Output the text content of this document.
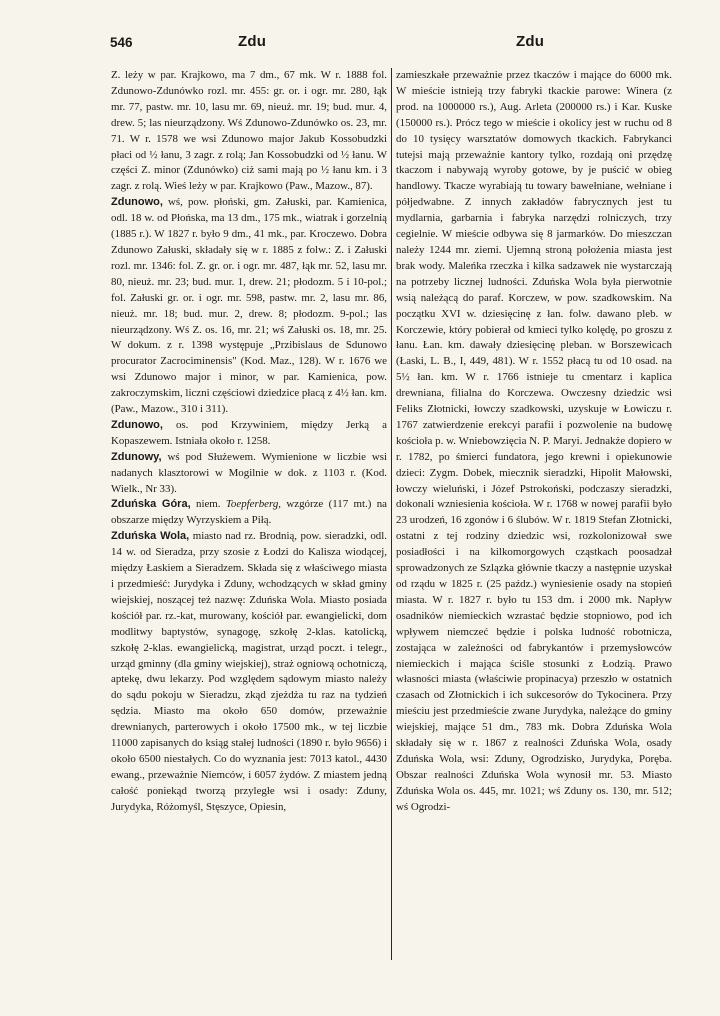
546	Zdu	Zdu

Z. leży w par. Krajkowo, ma 7 dm., 67 mk. W r. 1888 fol. Zdunowo-Zdunówko rozl. mr. 455: gr. or. i ogr. mr. 280, łąk mr. 77, pastw. mr. 10, lasu mr. 69, nieuż. mr. 19; bud. mur. 4, drew. 5; las nieurządzony. Wś Zdunowo-Zdunówko os. 23, mr. 71. W r. 1578 we wsi Zdunowo major Jakub Kossobudzki płaci od ½ łanu, 3 zagr. z rolą; Jan Kossobudzki od ½ łanu. W części Z. minor (Zdunówko) ciż sami mają po ½ łanu km. i 3 zagr. z rolą. Wieś leży w par. Krajkowo (Paw., Mazow., 87).

Zdunowo, wś, pow. płoński, gm. Załuski, par. Kamienica, odl. 18 w. od Płońska, ma 13 dm., 175 mk., wiatrak i gorzelnią (1885 r.). W 1827 r. było 9 dm., 41 mk., par. Kroczewo. Dobra Zdunowo Załuski, składały się w r. 1885 z folw.: Z. i Załuski rozl. mr. 1346: fol. Z. gr. or. i ogr. mr. 487, łąk mr. 52, lasu mr. 80, nieuż. mr. 23; bud. mur. 1, drew. 21; płodozm. 5 i 10-pol.; fol. Załuski gr. or. i ogr. mr. 598, pastw. mr. 2, lasu mr. 86, nieuż. mr. 18; bud. mur. 2, drew. 8; płodozm. 9-pol.; las nieurządzony. Wś Z. os. 16, mr. 21; wś Załuski os. 18, mr. 25. W dokum. z r. 1398 występuje „Przibislaus de Sdunowo procurator Zacrociminensis" (Kod. Maz., 128). W r. 1676 we wsi Zdunowo major i minor, w par. Kamienica, pow. zakroczymskim, liczni częściowi dziedzice płacą z 4½ łan. km. (Paw., Mazow., 310 i 311).

Zdunowo, os. pod Krzywiniem, między Jerką a Kopaszewem. Istniała około r. 1258.

Zdunowy, wś pod Służewem. Wymienione w liczbie wsi nadanych klasztorowi w Mogilnie w dok. z 1103 r. (Kod. Wielk., Nr 33).

Zduńska Góra, niem. Toepferberg, wzgórze (117 mt.) na obszarze między Wyrzyskiem a Piłą.

Zduńska Wola, miasto nad rz. Brodnią, pow. sieradzki, odl. 14 w. od Sieradza, przy szosie z Łodzi do Kalisza wiodącej, między Łaskiem a Sieradzem. Składa się z właściwego miasta i przedmieść: Jurydyka i Zduny, wchodzących w skład gminy wiejskiej, noszącej też nazwę: Zduńska Wola. Miasto posiada kościół par. rz.-kat, murowany, kościół par. ewangielicki, dom modlitwy baptystów, synagogę, szkołę 2-klas. katolicką, szkołę 2-klas. ewangielicką, magistrat, urząd poczt. i telegr., urząd gminny (dla gminy wiejskiej), straż ogniową ochotniczą, aptekę, dwu lekarzy. Pod względem sądowym miasto należy do sądu pokoju w Sieradzu, zkąd zjeżdża tu raz na tydzień sędzia. Miasto ma około 650 domów, przeważnie drewnianych, parterowych i około 17500 mk., w tej liczbie 11000 zapisanych do ksiąg stałej ludności (1890 r. było 9656) i około 6500 niestałych. Co do wyznania jest: 7013 katol., 4430 ewang., przeważnie Niemców, i 6057 żydów. Z miastem jedną całość poniekąd tworzą przyległe wsi i osady: Zduny, Jurydyka, Różomyśl, Stęszyce, Opiesin,

zamieszkałe przeważnie przez tkaczów i mające do 6000 mk. W mieście istnieją trzy fabryki tkackie parowe: Winera (z prod. na 1000000 rs.), Aug. Arleta (200000 rs.) i Kar. Kuske (150000 rs.). Prócz tego w mieście i okolicy jest w ruchu od 8 do 10 tysięcy warsztatów domowych tkackich. Fabrykanci tutejsi mają przeważnie kantory tylko, rozdają oni przędzę tkaczom i nabywają wyroby gotowe, by je puścić w obieg handlowy. Tkacze wyrabiają tu towary bawełniane, wełniane i półjedwabne. Z innych zakładów fabrycznych jest tu mydlarnia, garbarnia i fabryka narzędzi rolniczych, trzy cegielnie. W mieście odbywa się 8 jarmarków. Do mieszczan należy 1244 mr. ziemi. Ujemną stroną położenia miasta jest brak wody. Maleńka rzeczka i kilka sadzawek nie wystarczają na potrzeby licznej ludności. Zduńska Wola była pierwotnie wsią należącą do paraf. Korczew, w pow. szadkowskim. Na początku XVI w. dziesięcinę z łan. folw. dawano pleb. w Korczewie, który pobierał od kmieci tylko kolędę, po groszu z łanu. Łan. km. dawały dziesięcinę pleban. w Borszewicach (Łaski, L. B., I, 449, 481). W r. 1552 płacą tu od 10 osad. na 5½ łan. km. W r. 1766 istnieje tu cmentarz i kaplica drewniana, filialna do Korczewa. Owczesny dziedzic wsi Feliks Złotnicki, łowczy szadkowski, uzyskuje w Łowiczu r. 1767 zatwierdzenie erekcyi parafii i pozwolenie na budowę kościoła p. w. Wniebowzięcia N. P. Maryi. Jednakże dopiero w r. 1782, po śmierci fundatora, jego krewni i opiekunowie dzieci: Zygm. Dobek, miecznik sieradzki, Hipolit Małowski, łowczy wieluński, i Józef Pstrokoński, podczaszy sieradzki, dokonali wzniesienia kościoła. W r. 1768 w nowej parafii było 23 urodzeń, 16 zgonów i 6 ślubów. W r. 1819 Stefan Złotnicki, ostatni z tej rodziny dziedzic wsi, rozkolonizował swe posiadłości i na kilkomorgowych cząstkach poosadzał sprowadzonych ze Szlązka głównie tkaczy a następnie uzyskał od rządu w 1825 r. (25 paźdz.) wyniesienie osady na stopień miasta. W r. 1827 r. było tu 153 dm. i 2000 mk. Napływ osadników niemieckich wzrastać będzie stopniowo, pod ich wpływem niemczeć będzie i polska ludność robotnicza, zostająca w zależności od fabrykantów i przemysłowców niemieckich i mająca ściśle stosunki z Łodzią. Prawo własności miasta (właściwie propinacya) przeszło w ostatnich czasach od Złotnickich i ich sukcesorów do Tykocinera. Przy mieściu jest przedmieście zwane Jurydyka, należące do gminy wiejskiej, mające 51 dm., 783 mk. Dobra Zduńska Wola składały się w r. 1867 z realności Zduńska Wola, osady Zduńska Wola, wsi: Zduny, Ogrodzisko, Jurydyka, Poręba. Obszar realności Zduńska Wola wynosił mr. 53. Miasto Zduńska Wola os. 445, mr. 1021; wś Zduny os. 130, mr. 512; wś Ogrodzi-
